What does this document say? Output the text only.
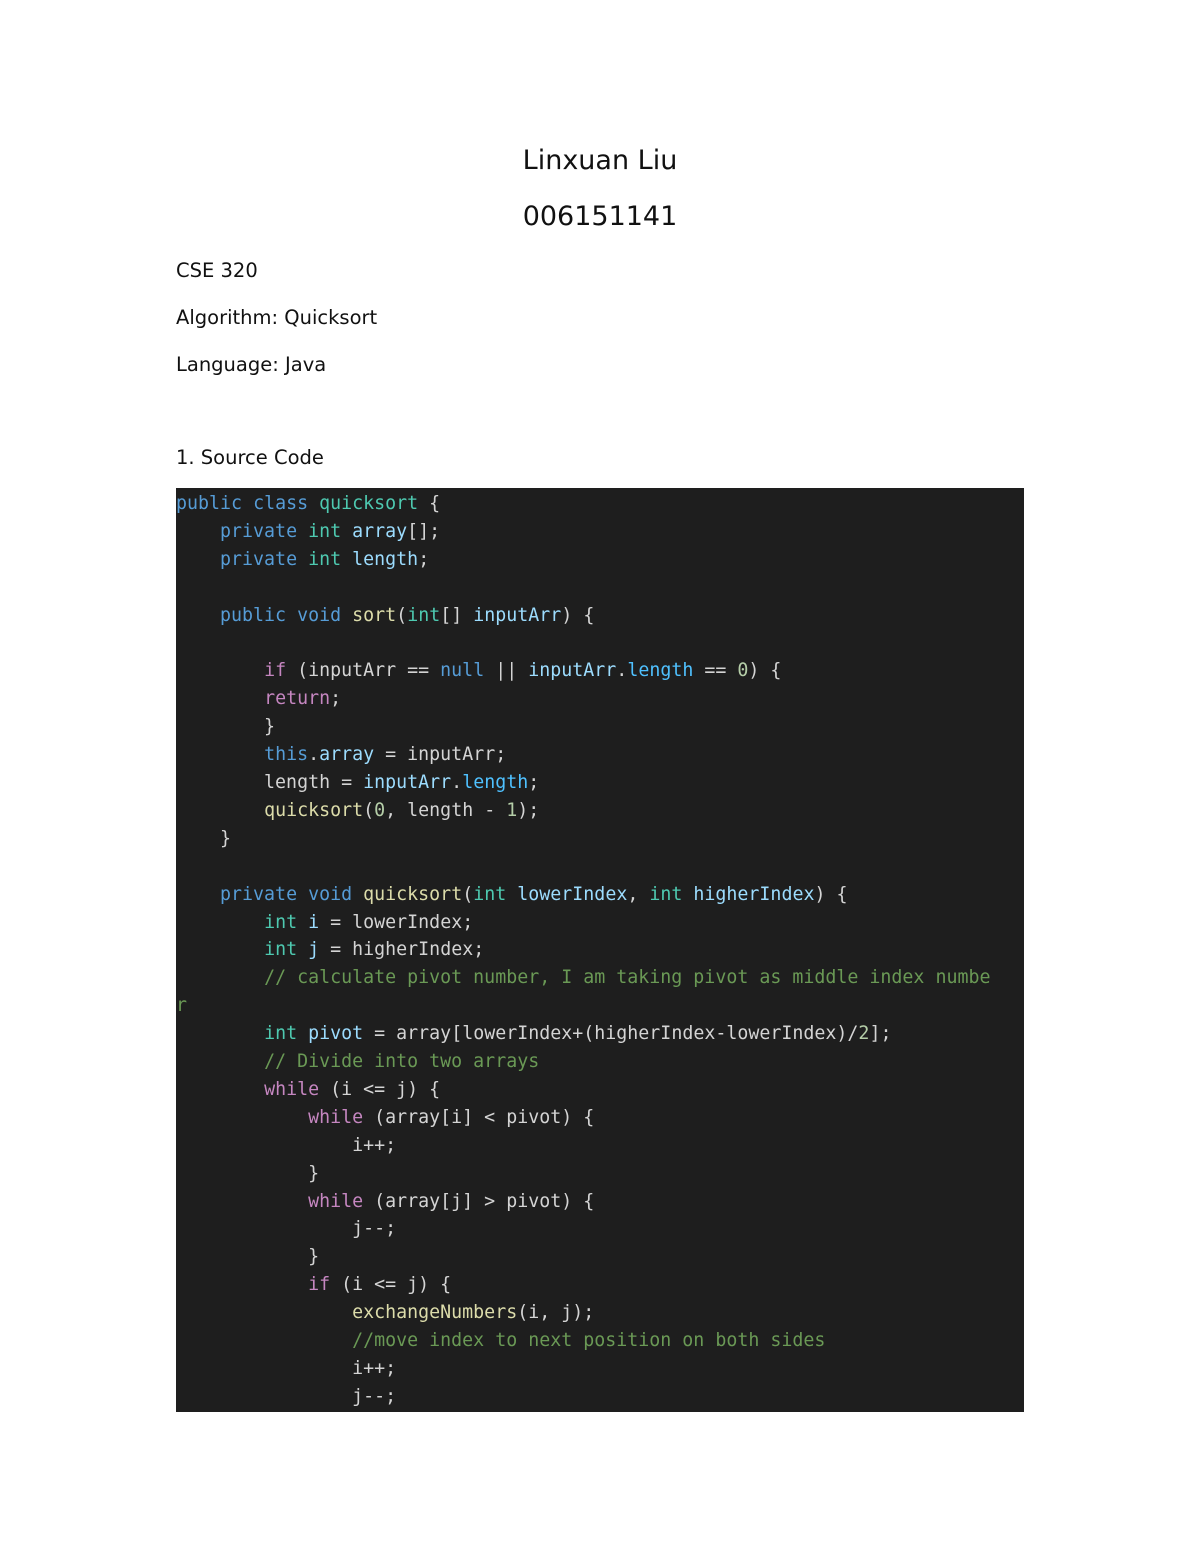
Linxuan Liu
006151141
CSE 320
Algorithm: Quicksort
Language: Java
1. Source Code
public class quicksort {
private int array[];
private int length;
public void sort(int[] inputArr) {
if (inputArr == null || inputArr.length == 0) {
return;
}
this.array = inputArr;
length = inputArr.length;
quicksort(0, length - 1);
}
private void quicksort(int lowerIndex, int higherIndex) {
int i = lowerIndex;
int j = higherIndex;
// calculate pivot number, I am taking pivot as middle index numbe
r
int pivot = array[lowerIndex+(higherIndex-lowerIndex)/2];
// Divide into two arrays
while (i <= j) {
while (array[i] < pivot) {
i++;
}
while (array[j] > pivot) {
j--;
}
if (i <= j) {
exchangeNumbers(i, j);
//move index to next position on both sides
i++;
j--;
